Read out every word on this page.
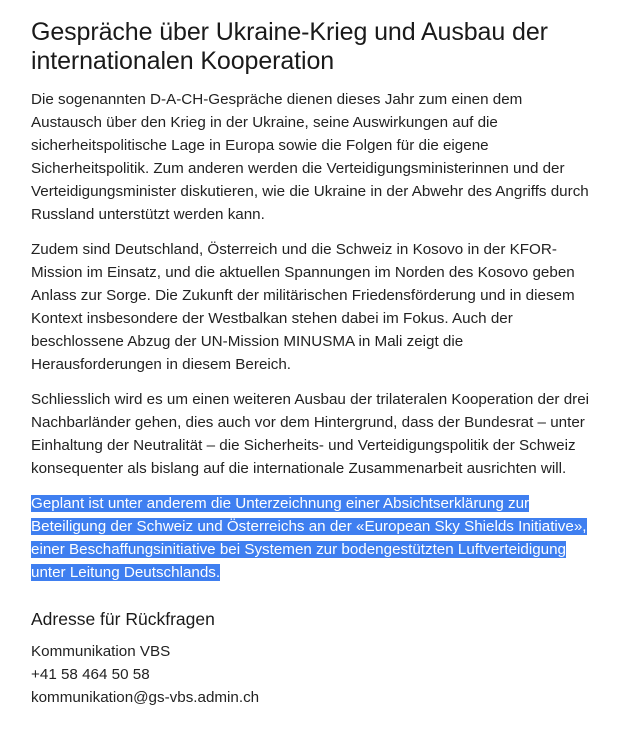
Gespräche über Ukraine-Krieg und Ausbau der internationalen Kooperation

Die sogenannten D-A-CH-Gespräche dienen dieses Jahr zum einen dem Austausch über den Krieg in der Ukraine, seine Auswirkungen auf die sicherheitspolitische Lage in Europa sowie die Folgen für die eigene Sicherheitspolitik. Zum anderen werden die Verteidigungsministerinnen und der Verteidigungsminister diskutieren, wie die Ukraine in der Abwehr des Angriffs durch Russland unterstützt werden kann.

Zudem sind Deutschland, Österreich und die Schweiz in Kosovo in der KFOR-Mission im Einsatz, und die aktuellen Spannungen im Norden des Kosovo geben Anlass zur Sorge. Die Zukunft der militärischen Friedensförderung und in diesem Kontext insbesondere der Westbalkan stehen dabei im Fokus. Auch der beschlossene Abzug der UN-Mission MINUSMA in Mali zeigt die Herausforderungen in diesem Bereich.

Schliesslich wird es um einen weiteren Ausbau der trilateralen Kooperation der drei Nachbarländer gehen, dies auch vor dem Hintergrund, dass der Bundesrat – unter Einhaltung der Neutralität – die Sicherheits- und Verteidigungspolitik der Schweiz konsequenter als bislang auf die internationale Zusammenarbeit ausrichten will.

Geplant ist unter anderem die Unterzeichnung einer Absichtserklärung zur Beteiligung der Schweiz und Österreichs an der «European Sky Shields Initiative», einer Beschaffungsinitiative bei Systemen zur bodengestützten Luftverteidigung unter Leitung Deutschlands.

Adresse für Rückfragen
Kommunikation VBS
+41 58 464 50 58
kommunikation@gs-vbs.admin.ch
